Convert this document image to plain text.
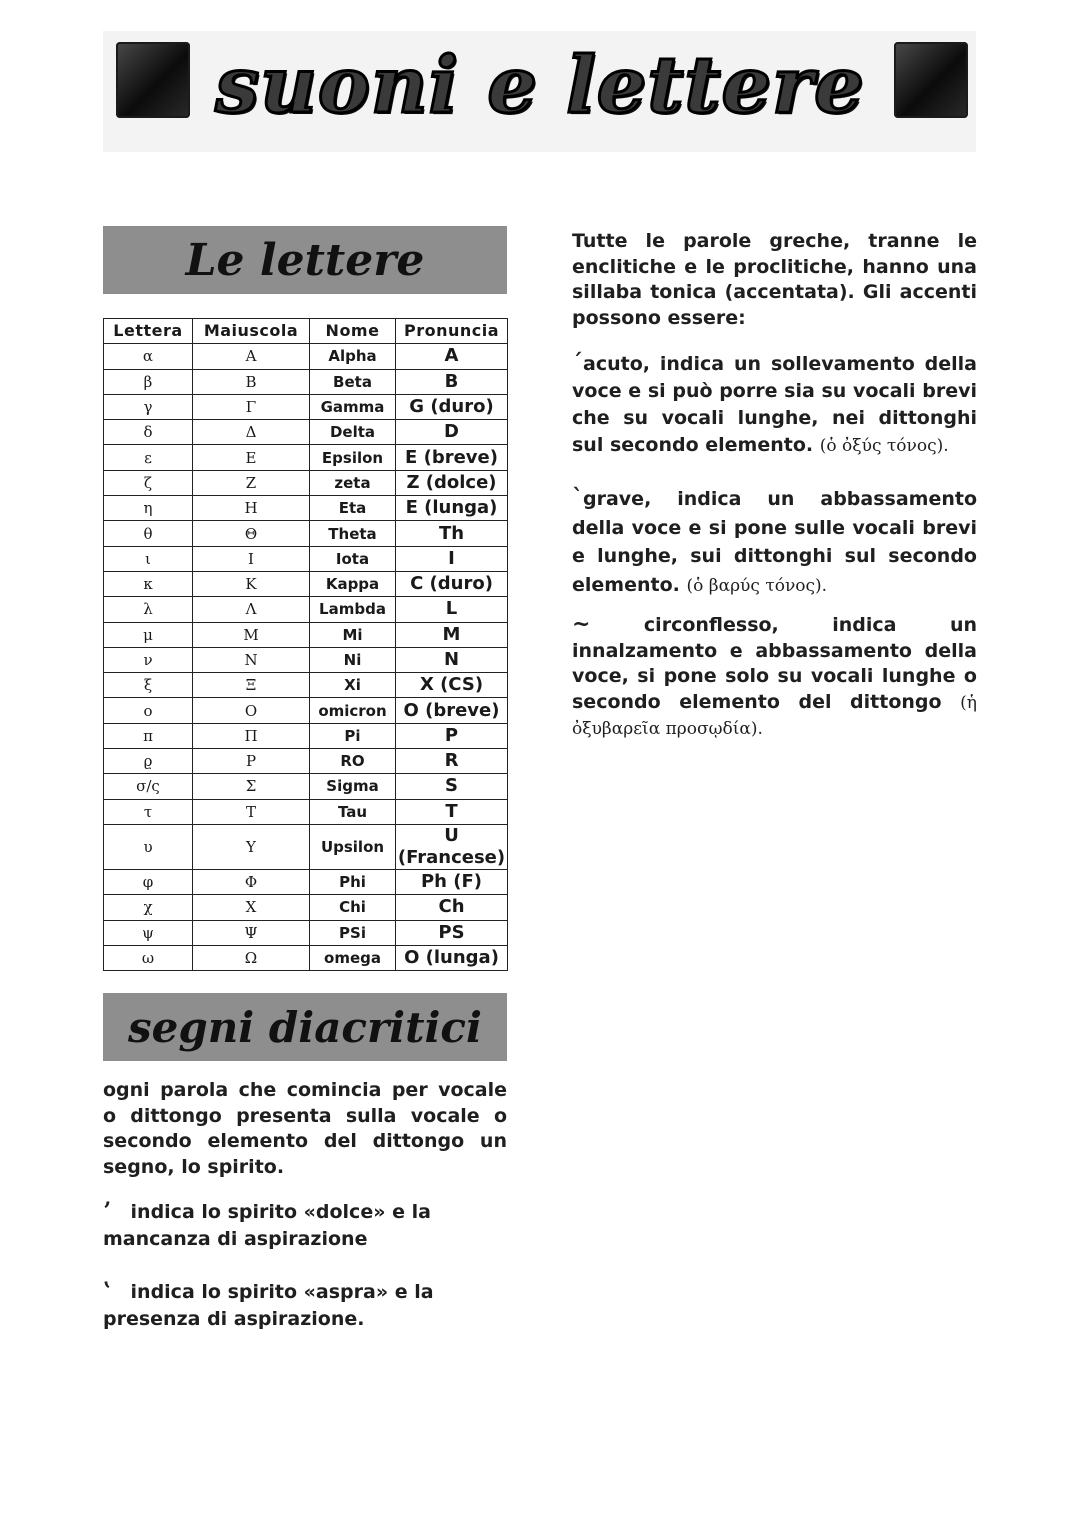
suoni e lettere
Le lettere
Lettera	Maiuscola	Nome	Pronuncia
α	Α	Alpha	A
β	Β	Beta	B
γ	Γ	Gamma	G (duro)
δ	Δ	Delta	D
ε	Ε	Epsilon	E (breve)
ζ	Ζ	zeta	Z (dolce)
η	Η	Eta	E (lunga)
θ	Θ	Theta	Th
ι	Ι	Iota	I
κ	Κ	Kappa	C (duro)
λ	Λ	Lambda	L
μ	Μ	Mi	M
ν	Ν	Ni	N
ξ	Ξ	Xi	X (CS)
ο	Ο	omicron	O (breve)
π	Π	Pi	P
ϱ	Ρ	RO	R
σ/ς	Σ	Sigma	S
τ	Τ	Tau	T
υ	Υ	Upsilon	U (Francese)
φ	Φ	Phi	Ph (F)
χ	Χ	Chi	Ch
ψ	Ψ	PSi	PS
ω	Ω	omega	O (lunga)
segni diacritici
ogni parola che comincia per vocale o dittongo presenta sulla vocale o secondo elemento del dittongo un segno, lo spirito.
ʼ indica lo spirito «dolce» e la mancanza di aspirazione
ʽ indica lo spirito «aspra» e la presenza di aspirazione.
Tutte le parole greche, tranne le enclitiche e le proclitiche, hanno una sillaba tonica (accentata). Gli accenti possono essere:
´acuto, indica un sollevamento della voce e si può porre sia su vocali brevi che su vocali lunghe, nei dittonghi sul secondo elemento. (ὁ ὀξύς τόνος).
`grave, indica un abbassamento della voce e si pone sulle vocali brevi e lunghe, sui dittonghi sul secondo elemento. (ὁ βαρύς τόνος).
~	circonflesso, indica un innalzamento e abbassamento della voce, si pone solo su vocali lunghe o secondo elemento del dittongo (ἡ ὀξυβαρεῖα προσῳδία).
